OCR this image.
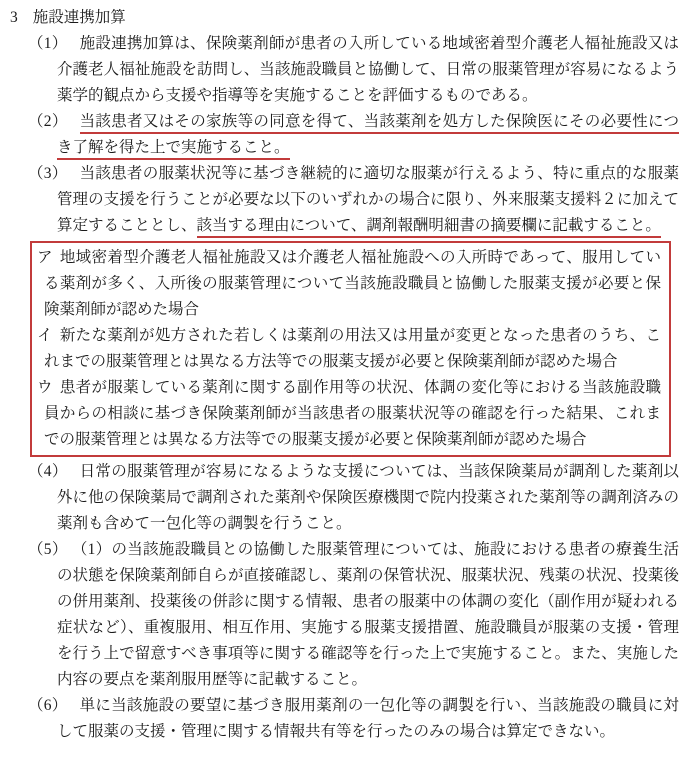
3 施設連携加算

（1） 施設連携加算は、保険薬剤師が患者の入所している地域密着型介護老人福祉施設又は介護老人福祉施設を訪問し、当該施設職員と協働して、日常の服薬管理が容易になるよう薬学的観点から支援や指導等を実施することを評価するものである。

（2） 当該患者又はその家族等の同意を得て、当該薬剤を処方した保険医にその必要性につき了解を得た上で実施すること。

（3） 当該患者の服薬状況等に基づき継続的に適切な服薬が行えるよう、特に重点的な服薬管理の支援を行うことが必要な以下のいずれかの場合に限り、外来服薬支援料２に加えて算定することとし、該当する理由について、調剤報酬明細書の摘要欄に記載すること。

ア 地域密着型介護老人福祉施設又は介護老人福祉施設への入所時であって、服用している薬剤が多く、入所後の服薬管理について当該施設職員と協働した服薬支援が必要と保険薬剤師が認めた場合

イ 新たな薬剤が処方された若しくは薬剤の用法又は用量が変更となった患者のうち、これまでの服薬管理とは異なる方法等での服薬支援が必要と保険薬剤師が認めた場合

ウ 患者が服薬している薬剤に関する副作用等の状況、体調の変化等における当該施設職員からの相談に基づき保険薬剤師が当該患者の服薬状況等の確認を行った結果、これまでの服薬管理とは異なる方法等での服薬支援が必要と保険薬剤師が認めた場合

（4） 日常の服薬管理が容易になるような支援については、当該保険薬局が調剤した薬剤以外に他の保険薬局で調剤された薬剤や保険医療機関で院内投薬された薬剤等の調剤済みの薬剤も含めて一包化等の調製を行うこと。

（5） （1）の当該施設職員との協働した服薬管理については、施設における患者の療養生活の状態を保険薬剤師自らが直接確認し、薬剤の保管状況、服薬状況、残薬の状況、投薬後の併用薬剤、投薬後の併診に関する情報、患者の服薬中の体調の変化（副作用が疑われる症状など）、重複服用、相互作用、実施する服薬支援措置、施設職員が服薬の支援・管理を行う上で留意すべき事項等に関する確認等を行った上で実施すること。また、実施した内容の要点を薬剤服用歴等に記載すること。

（6） 単に当該施設の要望に基づき服用薬剤の一包化等の調製を行い、当該施設の職員に対して服薬の支援・管理に関する情報共有等を行ったのみの場合は算定できない。
